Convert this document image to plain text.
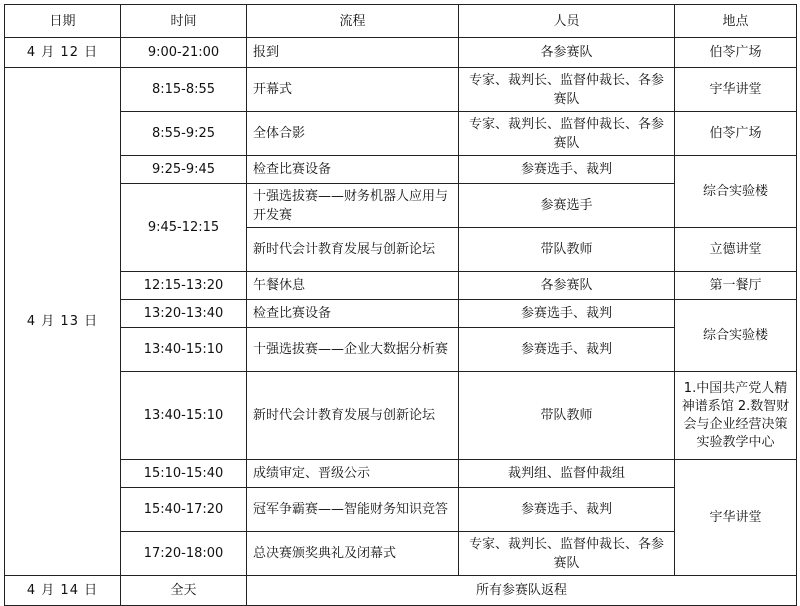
日期	时间	流程	人员	地点
4 月 12 日	9:00-21:00	报到	各参赛队	伯苓广场
4 月 13 日	8:15-8:55	开幕式	专家、裁判长、监督仲裁长、各参赛队	宇华讲堂
	8:55-9:25	全体合影	专家、裁判长、监督仲裁长、各参赛队	伯苓广场
	9:25-9:45	检查比赛设备	参赛选手、裁判	综合实验楼
	9:45-12:15	十强选拔赛——财务机器人应用与开发赛	参赛选手	
		新时代会计教育发展与创新论坛	带队教师	立德讲堂
	12:15-13:20	午餐休息	各参赛队	第一餐厅
	13:20-13:40	检查比赛设备	参赛选手、裁判	综合实验楼
	13:40-15:10	十强选拔赛——企业大数据分析赛	参赛选手、裁判	
	13:40-15:10	新时代会计教育发展与创新论坛	带队教师	1.中国共产党人精神谱系馆 2.数智财会与企业经营决策实验教学中心
	15:10-15:40	成绩审定、晋级公示	裁判组、监督仲裁组	宇华讲堂
	15:40-17:20	冠军争霸赛——智能财务知识竞答	参赛选手、裁判	
	17:20-18:00	总决赛颁奖典礼及闭幕式	专家、裁判长、监督仲裁长、各参赛队	
4 月 14 日	全天	所有参赛队返程		
